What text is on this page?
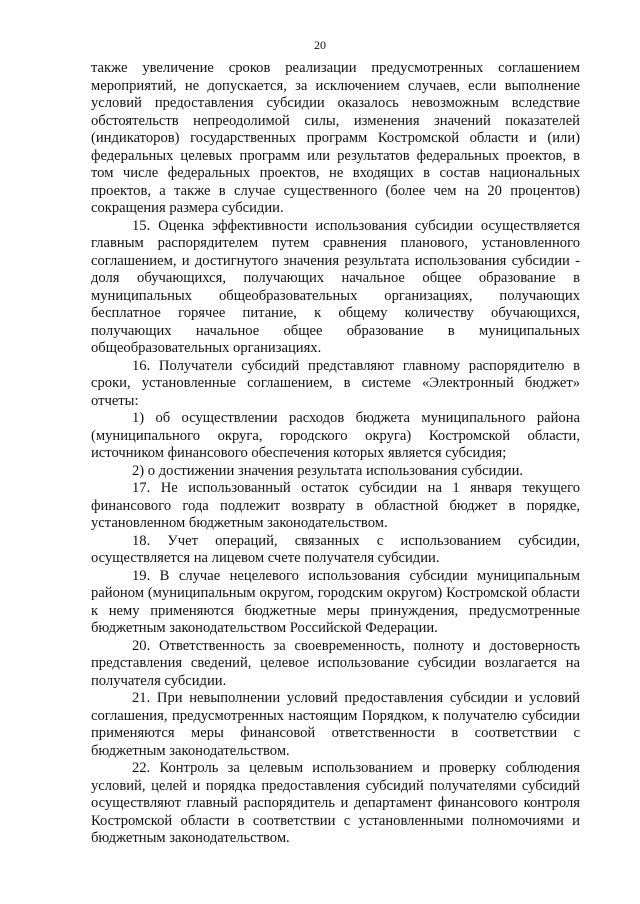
20

также увеличение сроков реализации предусмотренных соглашением мероприятий, не допускается, за исключением случаев, если выполнение условий предоставления субсидии оказалось невозможным вследствие обстоятельств непреодолимой силы, изменения значений показателей (индикаторов) государственных программ Костромской области и (или) федеральных целевых программ или результатов федеральных проектов, в том числе федеральных проектов, не входящих в состав национальных проектов, а также в случае существенного (более чем на 20 процентов) сокращения размера субсидии.

15. Оценка эффективности использования субсидии осуществляется главным распорядителем путем сравнения планового, установленного соглашением, и достигнутого значения результата использования субсидии - доля обучающихся, получающих начальное общее образование в муниципальных общеобразовательных организациях, получающих бесплатное горячее питание, к общему количеству обучающихся, получающих начальное общее образование в муниципальных общеобразовательных организациях.

16. Получатели субсидий представляют главному распорядителю в сроки, установленные соглашением, в системе «Электронный бюджет» отчеты:

1) об осуществлении расходов бюджета муниципального района (муниципального округа, городского округа) Костромской области, источником финансового обеспечения которых является субсидия;

2) о достижении значения результата использования субсидии.

17. Не использованный остаток субсидии на 1 января текущего финансового года подлежит возврату в областной бюджет в порядке, установленном бюджетным законодательством.

18. Учет операций, связанных с использованием субсидии, осуществляется на лицевом счете получателя субсидии.

19. В случае нецелевого использования субсидии муниципальным районом (муниципальным округом, городским округом) Костромской области к нему применяются бюджетные меры принуждения, предусмотренные бюджетным законодательством Российской Федерации.

20. Ответственность за своевременность, полноту и достоверность представления сведений, целевое использование субсидии возлагается на получателя субсидии.

21. При невыполнении условий предоставления субсидии и условий соглашения, предусмотренных настоящим Порядком, к получателю субсидии применяются меры финансовой ответственности в соответствии с бюджетным законодательством.

22. Контроль за целевым использованием и проверку соблюдения условий, целей и порядка предоставления субсидий получателями субсидий осуществляют главный распорядитель и департамент финансового контроля Костромской области в соответствии с установленными полномочиями и бюджетным законодательством.
